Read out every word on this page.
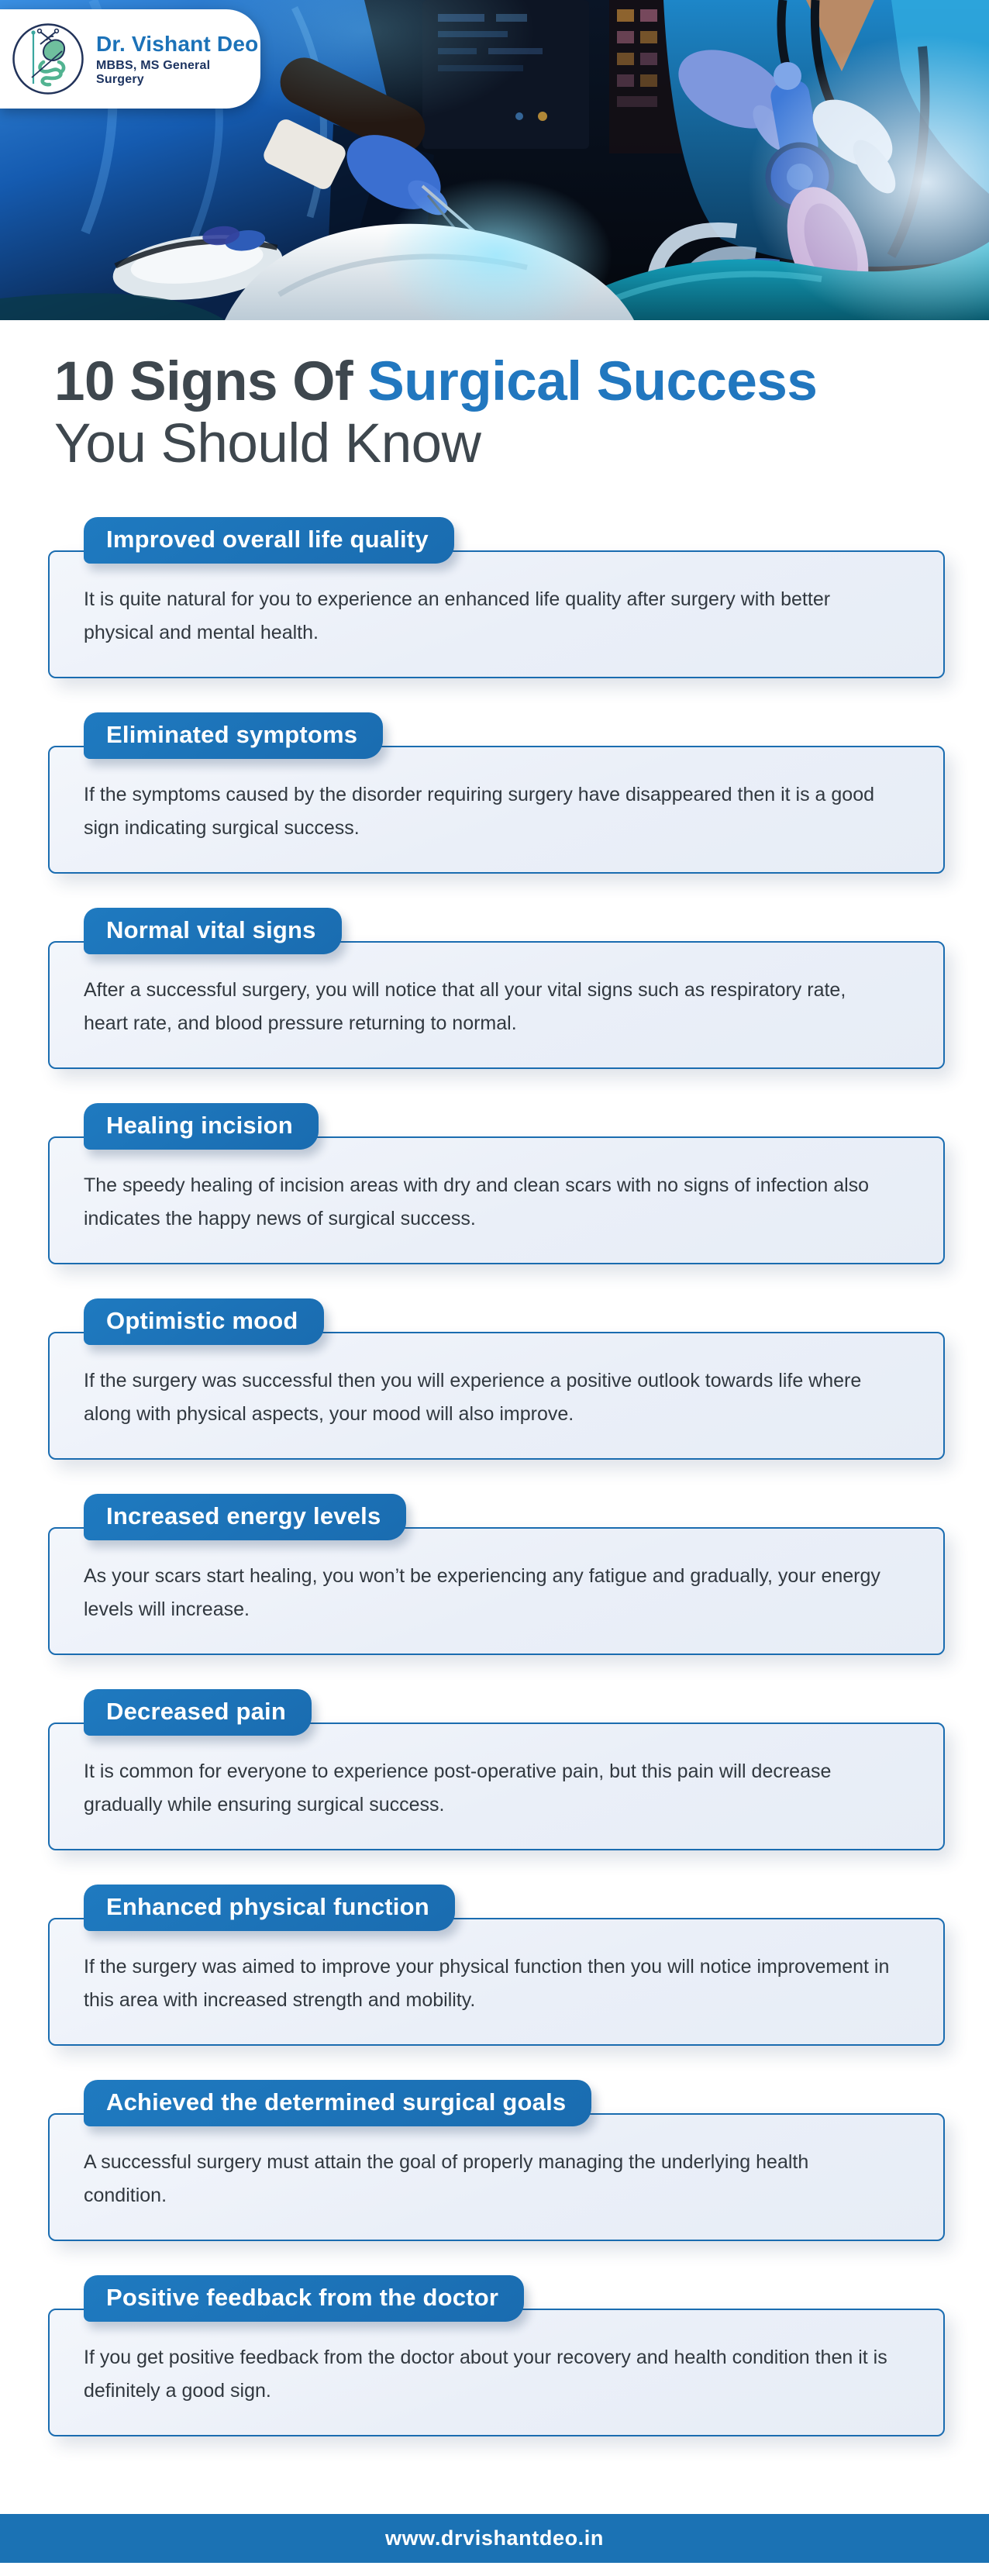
Dr. Vishant Deo
MBBS, MS General Surgery
10 Signs Of Surgical Success
You Should Know
Improved overall life quality
It is quite natural for you to experience an enhanced life quality after surgery with better physical and mental health.
Eliminated symptoms
If the symptoms caused by the disorder requiring surgery have disappeared then it is a good sign indicating surgical success.
Normal vital signs
After a successful surgery, you will notice that all your vital signs such as respiratory rate, heart rate, and blood pressure returning to normal.
Healing incision
The speedy healing of incision areas with dry and clean scars with no signs of infection also indicates the happy news of surgical success.
Optimistic mood
If the surgery was successful then you will experience a positive outlook towards life where along with physical aspects, your mood will also improve.
Increased energy levels
As your scars start healing, you won’t be experiencing any fatigue and gradually, your energy levels will increase.
Decreased pain
It is common for everyone to experience post-operative pain, but this pain will decrease gradually while ensuring surgical success.
Enhanced physical function
If the surgery was aimed to improve your physical function then you will notice improvement in this area with increased strength and mobility.
Achieved the determined surgical goals
A successful surgery must attain the goal of properly managing the underlying health condition.
Positive feedback from the doctor
If you get positive feedback from the doctor about your recovery and health condition then it is definitely a good sign.
www.drvishantdeo.in
